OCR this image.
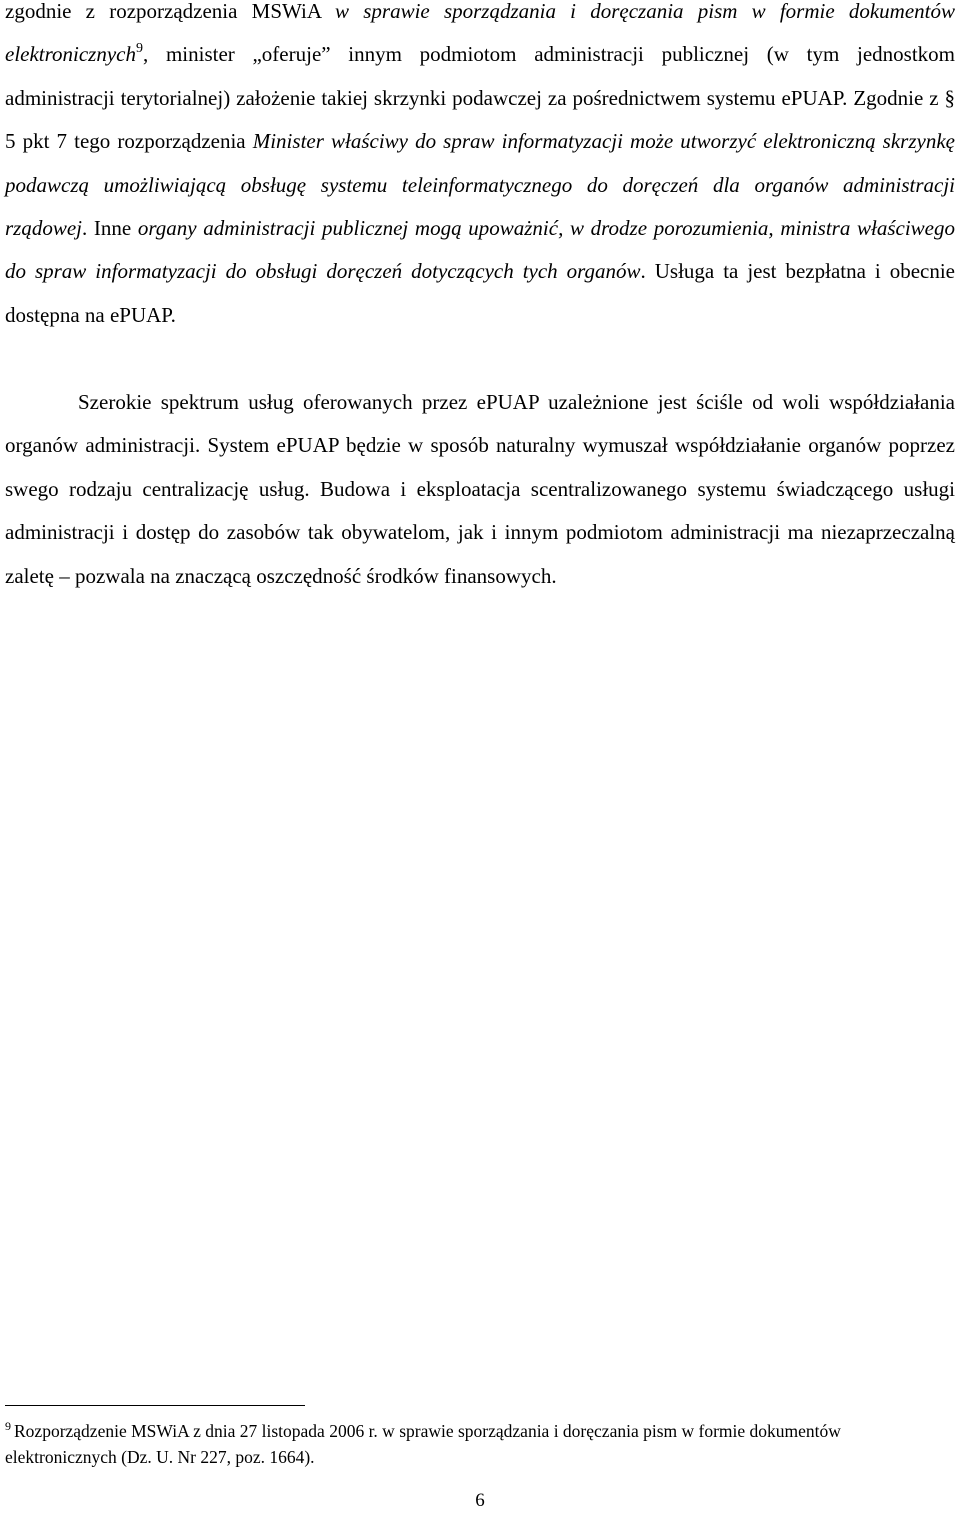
zgodnie z rozporządzenia MSWiA w sprawie sporządzania i doręczania pism w formie dokumentów elektronicznych$^9$, minister „oferuje” innym podmiotom administracji publicznej (w tym jednostkom administracji terytorialnej) założenie takiej skrzynki podawczej za pośrednictwem systemu ePUAP. Zgodnie z § 5 pkt 7 tego rozporządzenia Minister właściwy do spraw informatyzacji może utworzyć elektroniczną skrzynkę podawczą umożliwiającą obsługę systemu teleinformatycznego do doręczeń dla organów administracji rządowej. Inne organy administracji publicznej mogą upoważnić, w drodze porozumienia, ministra właściwego do spraw informatyzacji do obsługi doręczeń dotyczących tych organów. Usługa ta jest bezpłatna i obecnie dostępna na ePUAP.

Szerokie spektrum usług oferowanych przez ePUAP uzależnione jest ściśle od woli współdziałania organów administracji. System ePUAP będzie w sposób naturalny wymuszał współdziałanie organów poprzez swego rodzaju centralizację usług. Budowa i eksploatacja scentralizowanego systemu świadczącego usługi administracji i dostęp do zasobów tak obywatelom, jak i innym podmiotom administracji ma niezaprzeczalną zaletę – pozwala na znaczącą oszczędność środków finansowych.

$^9$ Rozporządzenie MSWiA z dnia 27 listopada 2006 r. w sprawie sporządzania i doręczania pism w formie dokumentów elektronicznych (Dz. U. Nr 227, poz. 1664).

6
